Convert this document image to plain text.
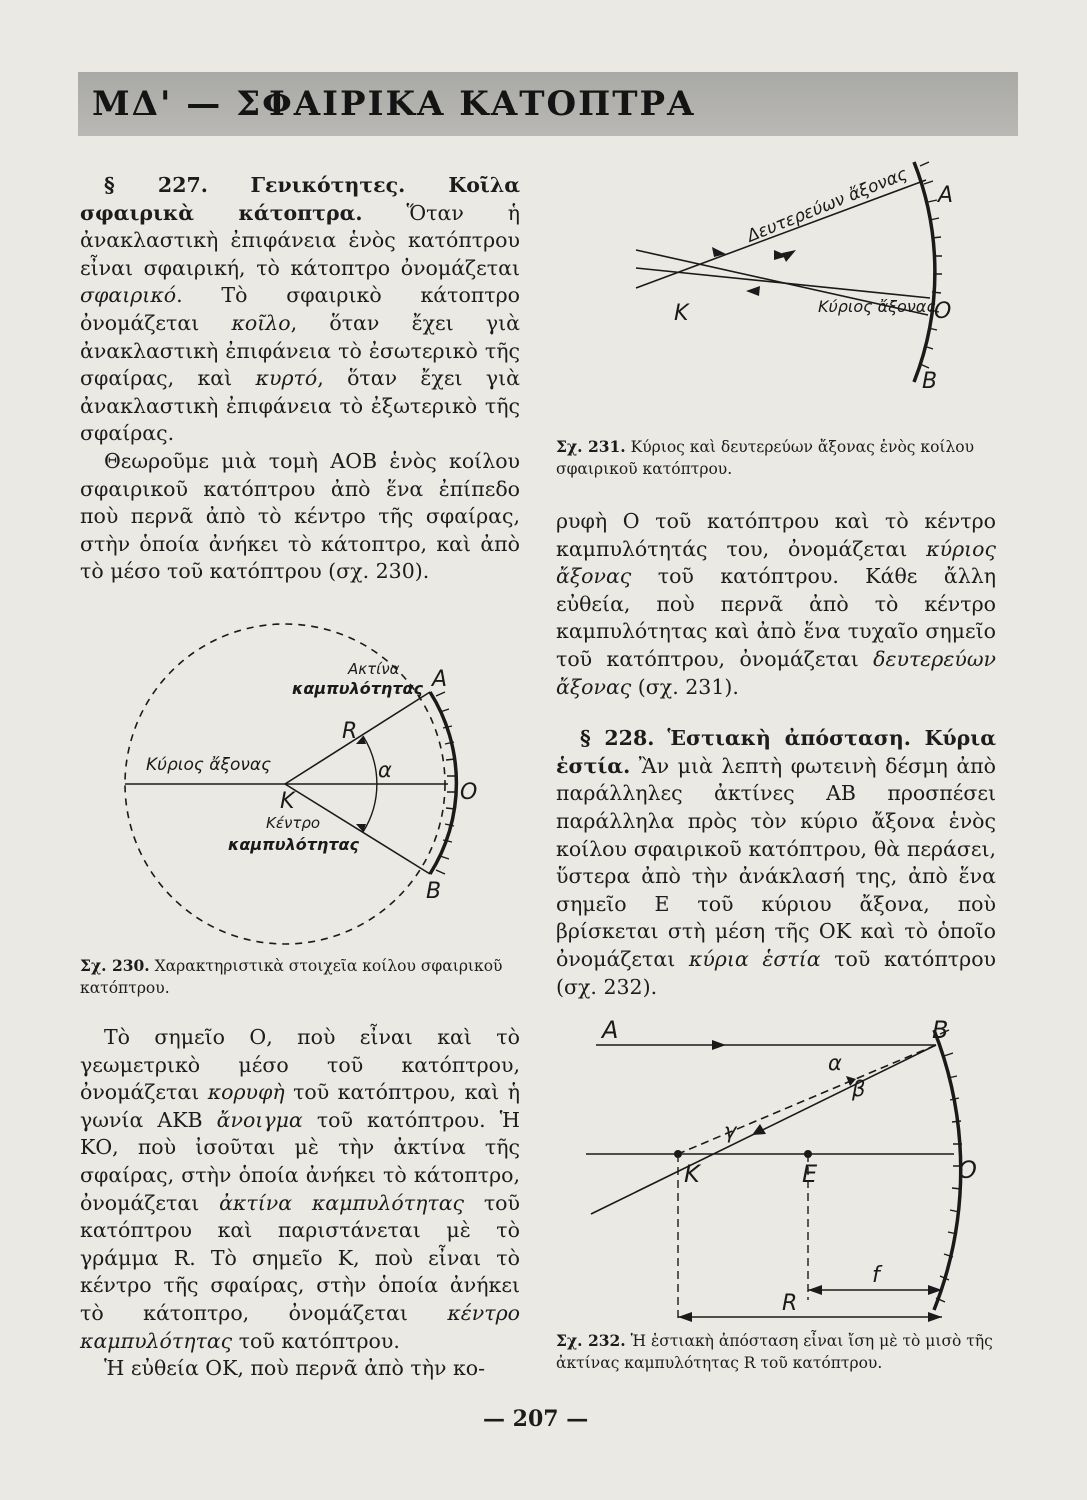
ΜΔ' — ΣΦΑΙΡΙΚΑ ΚΑΤΟΠΤΡΑ

§ 227. Γενικότητες. Κοῖλα σφαιρικὰ κάτοπτρα. Ὅταν ἡ ἀνακλαστικὴ ἐπιφάνεια ἑνὸς κατόπτρου εἶναι σφαιρική, τὸ κάτοπτρο ὀνομάζεται σφαιρικό. Τὸ σφαιρικὸ κάτοπτρο ὀνομάζεται κοῖλο, ὅταν ἔχει γιὰ ἀνακλαστικὴ ἐπιφάνεια τὸ ἐσωτερικὸ τῆς σφαίρας, καὶ κυρτό, ὅταν ἔχει γιὰ ἀνακλαστικὴ ἐπιφάνεια τὸ ἐξωτερικὸ τῆς σφαίρας.

Θεωροῦμε μιὰ τομὴ ΑΟΒ ἑνὸς κοίλου σφαιρικοῦ κατόπτρου ἀπὸ ἕνα ἐπίπεδο ποὺ περνᾶ ἀπὸ τὸ κέντρο τῆς σφαίρας, στὴν ὁποία ἀνήκει τὸ κάτοπτρο, καὶ ἀπὸ τὸ μέσο τοῦ κατόπτρου (σχ. 230).

Ακτίνα
καμπυλότητας A
R
Κύριος ἄξονας	α
O
K
Κέντρο
καμπυλότητας
B
Σχ. 230. Χαρακτηριστικὰ στοιχεῖα κοίλου σφαιρικοῦ κατόπτρου.

Τὸ σημεῖο Ο, ποὺ εἶναι καὶ τὸ γεωμετρικὸ μέσο τοῦ κατόπτρου, ὀνομάζεται κορυφὴ τοῦ κατόπτρου, καὶ ἡ γωνία ΑΚΒ ἄνοιγμα τοῦ κατόπτρου. Ἡ ΚΟ, ποὺ ἰσοῦται μὲ τὴν ἀκτίνα τῆς σφαίρας, στὴν ὁποία ἀνήκει τὸ κάτοπτρο, ὀνομάζεται ἀκτίνα καμπυλότητας τοῦ κατόπτρου καὶ παριστάνεται μὲ τὸ γράμμα R. Τὸ σημεῖο Κ, ποὺ εἶναι τὸ κέντρο τῆς σφαίρας, στὴν ὁποία ἀνήκει τὸ κάτοπτρο, ὀνομάζεται κέντρο καμπυλότητας τοῦ κατόπτρου.

Ἡ εὐθεία ΟΚ, ποὺ περνᾶ ἀπὸ τὴν κο-

Δευτερεύων ἄξονας A
K	Κύριος ἄξονας
O
B
Σχ. 231. Κύριος καὶ δευτερεύων ἄξονας ἑνὸς κοίλου σφαιρικοῦ κατόπτρου.

ρυφὴ Ο τοῦ κατόπτρου καὶ τὸ κέντρο καμπυλότητάς του, ὀνομάζεται κύριος ἄξονας τοῦ κατόπτρου. Κάθε ἄλλη εὐθεία, ποὺ περνᾶ ἀπὸ τὸ κέντρο καμπυλότητας καὶ ἀπὸ ἕνα τυχαῖο σημεῖο τοῦ κατόπτρου, ὀνομάζεται δευτερεύων ἄξονας (σχ. 231).

§ 228. Ἑστιακὴ ἀπόσταση. Κύρια ἑστία. Ἂν μιὰ λεπτὴ φωτεινὴ δέσμη ἀπὸ παράλληλες ἀκτίνες ΑΒ προσπέσει παράλληλα πρὸς τὸν κύριο ἄξονα ἑνὸς κοίλου σφαιρικοῦ κατόπτρου, θὰ περάσει, ὕστερα ἀπὸ τὴν ἀνάκλασή της, ἀπὸ ἕνα σημεῖο Ε τοῦ κύριου ἄξονα, ποὺ βρίσκεται στὴ μέση τῆς ΟΚ καὶ τὸ ὁποῖο ὀνομάζεται κύρια ἑστία τοῦ κατόπτρου (σχ. 232).

A	B
α
β
γ
K	E	O
f
R
Σχ. 232. Ἡ ἑστιακὴ ἀπόσταση εἶναι ἴση μὲ τὸ μισὸ τῆς ἀκτίνας καμπυλότητας R τοῦ κατόπτρου.
— 207 —
